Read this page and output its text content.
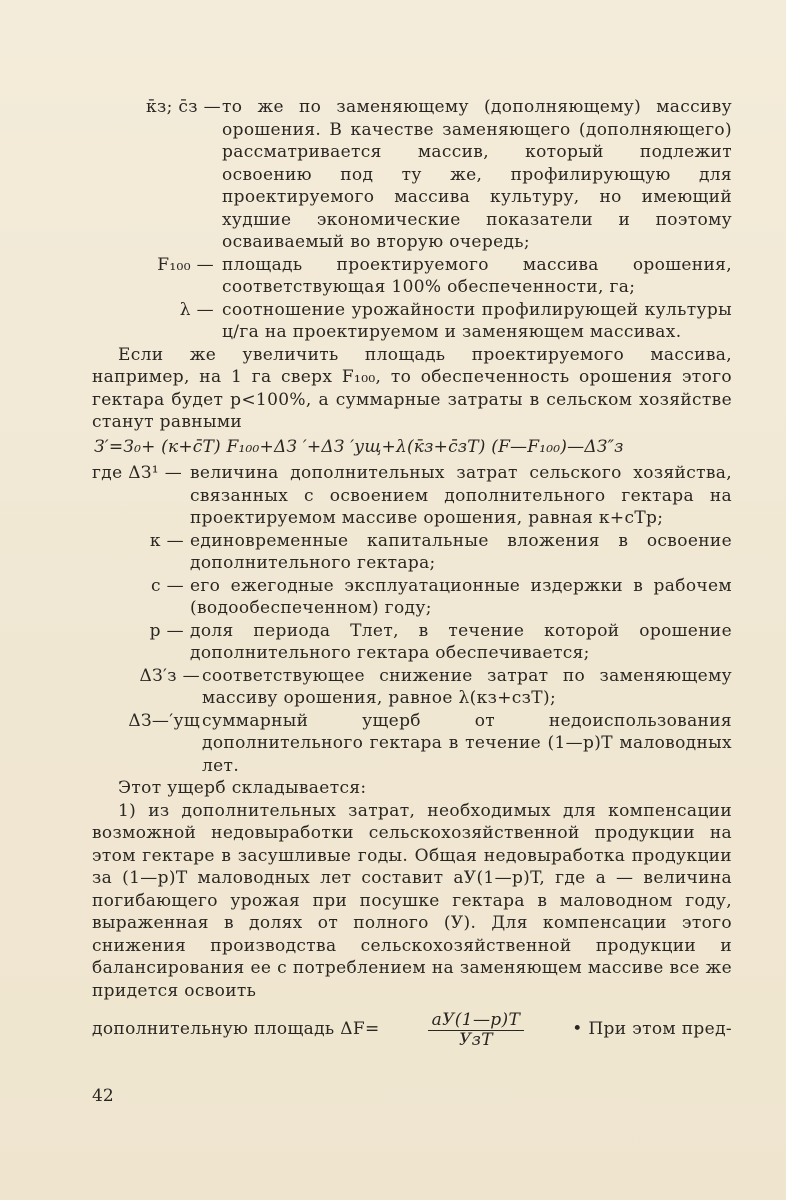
к̄з; c̄з — то же по заменяющему (дополняющему) массиву орошения. В качестве заменяющего (дополняющего) рассматривается массив, который подлежит освоению под ту же, профилирующую для проектируемого массива культуру, но имеющий худшие экономические показатели и поэтому осваиваемый во вторую очередь;
F₁₀₀ — площадь проектируемого массива орошения, соответствующая 100% обеспеченности, га;
λ — соотношение урожайности профилирующей культуры ц/га на проектируемом и заменяющем массивах.
Если же увеличить площадь проектируемого массива, например, на 1 га сверх F₁₀₀, то обеспеченность орошения этого гектара будет p<100%, а суммарные затраты в сельском хозяйстве станут равными
З′=З₀+ (к+c̄T) F₁₀₀+ΔЗ ′+ΔЗ ′ущ+λ(к̄з+c̄зT) (F—F₁₀₀)—ΔЗ″з
где ΔЗ¹ — величина дополнительных затрат сельского хозяйства, связанных с освоением дополнительного гектара на проектируемом массиве орошения, равная к+cTp;
к — единовременные капитальные вложения в освоение дополнительного гектара;
c — его ежегодные эксплуатационные издержки в рабочем (водообеспеченном) году;
p — доля периода Tлет, в течение которой орошение дополнительного гектара обеспечивается;
ΔЗ′з — соответствующее снижение затрат по заменяющему массиву орошения, равное λ(кз+cзT);
ΔЗ—′ущ суммарный ущерб от недоиспользования дополнительного гектара в течение (1—p)T маловодных лет.
Этот ущерб складывается:
1) из дополнительных затрат, необходимых для компенсации возможной недовыработки сельскохозяйственной продукции на этом гектаре в засушливые годы. Общая недовыработка продукции за (1—p)T маловодных лет составит aУ(1—p)T, где a — величина погибающего урожая при посушке гектара в маловодном году, выраженная в долях от полного (У). Для компенсации этого снижения производства сельскохозяйственной продукции и балансирования ее с потреблением на заменяющем массиве все же придется освоить
дополнительную площадь ΔF=	$\frac{aУ(1—p)T}{\text{УзT}}$	• При этом пред-
42
